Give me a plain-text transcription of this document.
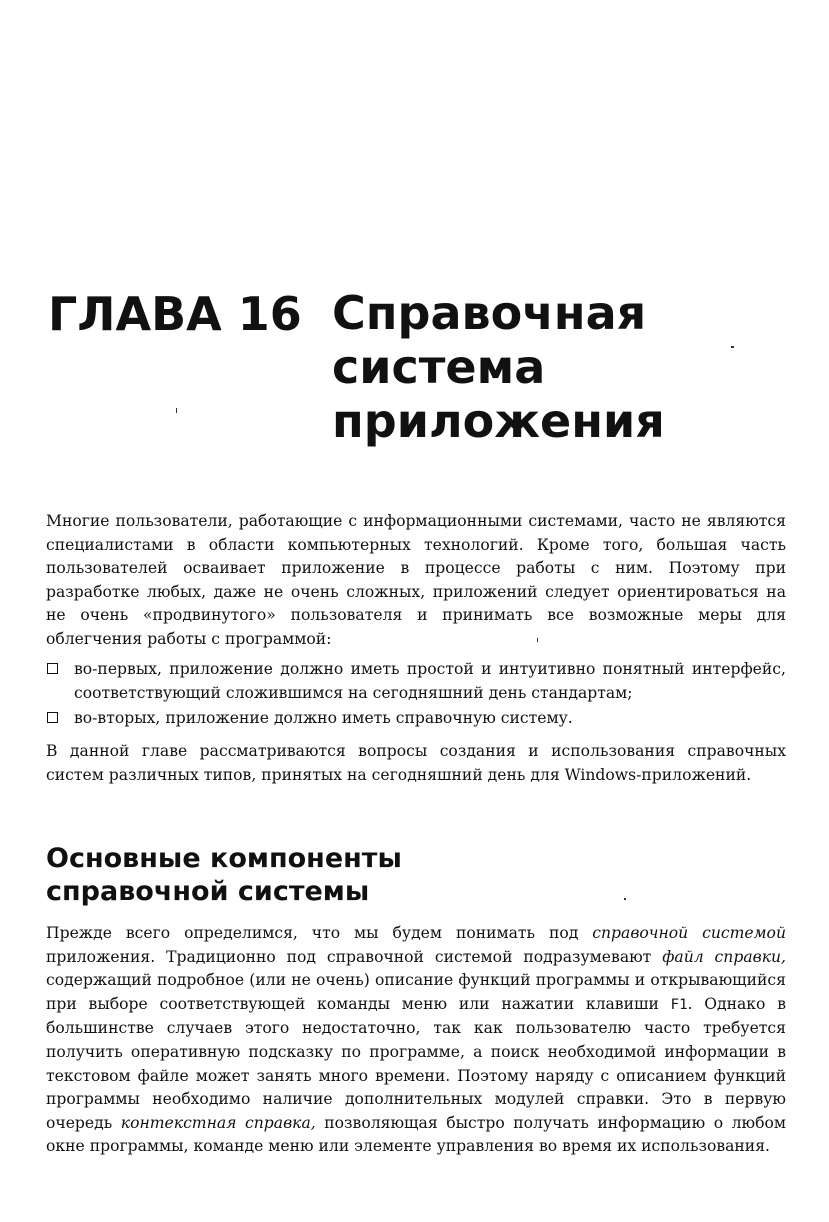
ГЛАВА 16 Справочная
система
приложения

Многие пользователи, работающие с информационными системами, часто не являются специалистами в области компьютерных технологий. Кроме того, большая часть пользователей осваивает приложение в процессе работы с ним. Поэтому при разработке любых, даже не очень сложных, приложений следует ориентироваться на не очень «продвинутого» пользователя и принимать все возможные меры для облегчения работы с программой:

во-первых, приложение должно иметь простой и интуитивно понятный интерфейс, соответствующий сложившимся на сегодняшний день стандартам;
во-вторых, приложение должно иметь справочную систему.

В данной главе рассматриваются вопросы создания и использования справочных систем различных типов, принятых на сегодняшний день для Windows-приложений.

Основные компоненты
справочной системы

Прежде всего определимся, что мы будем понимать под справочной системой приложения. Традиционно под справочной системой подразумевают файл справки, содержащий подробное (или не очень) описание функций программы и открывающийся при выборе соответствующей команды меню или нажатии клавиши F1. Однако в большинстве случаев этого недостаточно, так как пользователю часто требуется получить оперативную подсказку по программе, а поиск необходимой информации в текстовом файле может занять много времени. Поэтому наряду с описанием функций программы необходимо наличие дополнительных модулей справки. Это в первую очередь контекстная справка, позволяющая быстро получать информацию о любом окне программы, команде меню или элементе управления во время их использования.
